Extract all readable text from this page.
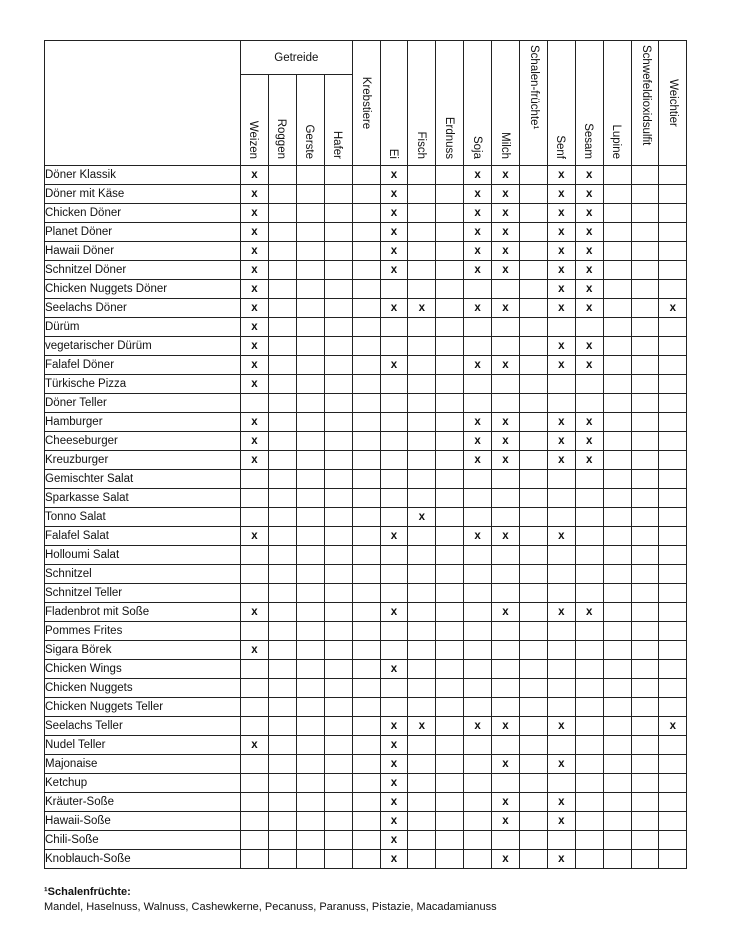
	Getreide				Krebstiere	Ei	Fisch	Erdnuss	Soja	Milch	Schalen-früchte¹	Senf	Sesam	Lupine	Schwefeldioxidsulfit	Weichtier

	Weizen	Roggen	Gerste	Hafer												

Döner Klassik	x					x			x	x		x	x			
Döner mit Käse	x					x			x	x		x	x			
Chicken Döner	x					x			x	x		x	x			
Planet Döner	x					x			x	x		x	x			
Hawaii Döner	x					x			x	x		x	x			
Schnitzel Döner	x					x			x	x		x	x			
Chicken Nuggets Döner	x											x	x			
Seelachs Döner	x					x	x		x	x		x	x			x
Dürüm	x															
vegetarischer Dürüm	x											x	x			
Falafel Döner	x					x			x	x		x	x			
Türkische Pizza	x															
Döner Teller																
Hamburger	x								x	x		x	x			
Cheeseburger	x								x	x		x	x			
Kreuzburger	x								x	x		x	x			
Gemischter Salat																
Sparkasse Salat																
Tonno Salat							x									
Falafel Salat	x					x			x	x		x				
Holloumi Salat																
Schnitzel																
Schnitzel Teller																
Fladenbrot mit Soße	x					x				x		x	x			
Pommes Frites																
Sigara Börek	x															
Chicken Wings						x										
Chicken Nuggets																
Chicken Nuggets Teller																
Seelachs Teller						x	x		x	x		x				x
Nudel Teller	x					x										
Majonaise						x				x		x				
Ketchup						x										
Kräuter-Soße						x				x		x				
Hawaii-Soße						x				x		x				
Chili-Soße						x										
Knoblauch-Soße						x				x		x				
¹Schalenfrüchte:
Mandel, Haselnuss, Walnuss, Cashewkerne, Pecanuss, Paranuss, Pistazie, Macadamianuss
